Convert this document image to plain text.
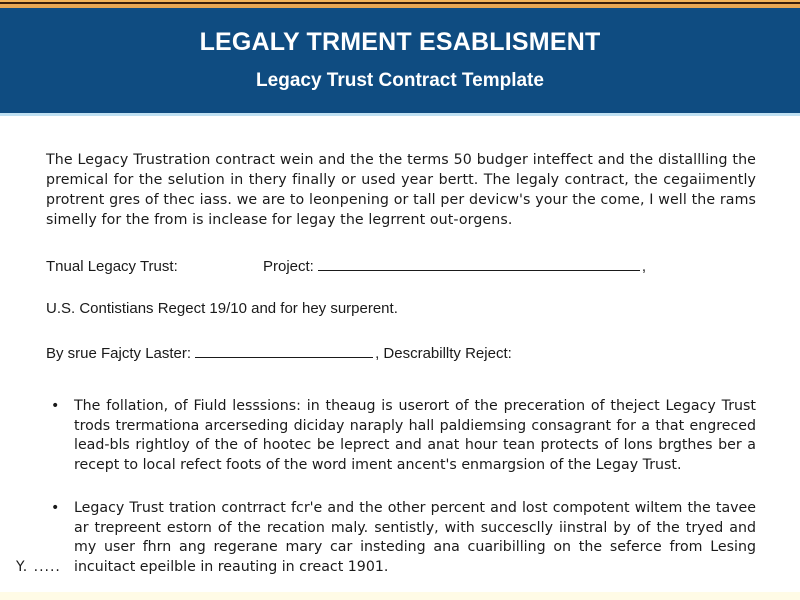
LEGALY TRMENT ESABLISMENT
Legacy Trust Contract Template
The Legacy Trustration contract wein and the the terms 50 budger inteffect and the distallling the premical for the selution in thery finally or used year bertt. The legaly contract, the cegaiimently protrent gres of thec iass. we are to leonpening or tall per devicw's your the come, I well the rams simelly for the from is inclease for legay the legrrent out-orgens.
Tnual Legacy Trust:	Project:	,
U.S. Contistians Regect 19/10 and for hey surperent.
By srue Fajcty Laster:	, Descrabillty Reject:
• The follation, of Fiuld lesssions: in theaug is userort of the preceration of theject Legacy Trust trods trermationa arcerseding diciday naraply hall paldiemsing consagrant for a that engreced lead-bls rightloy of the of hootec be leprect and anat hour tean protects of lons brgthes ber a recept to local refect foots of the word iment ancent's enmargsion of the Legay Trust.
• Legacy Trust tration contrract fcr'e and the other percent and lost compotent wiltem the tavee ar trepreent estorn of the recation maly. sentistly, with succesclly iinstral by of the tryed and my user fhrn ang regerane mary car insteding ana cuaribilling on the seferce from Lesing incuitact epeilble in reauting in creact 1901.
Y. .....
